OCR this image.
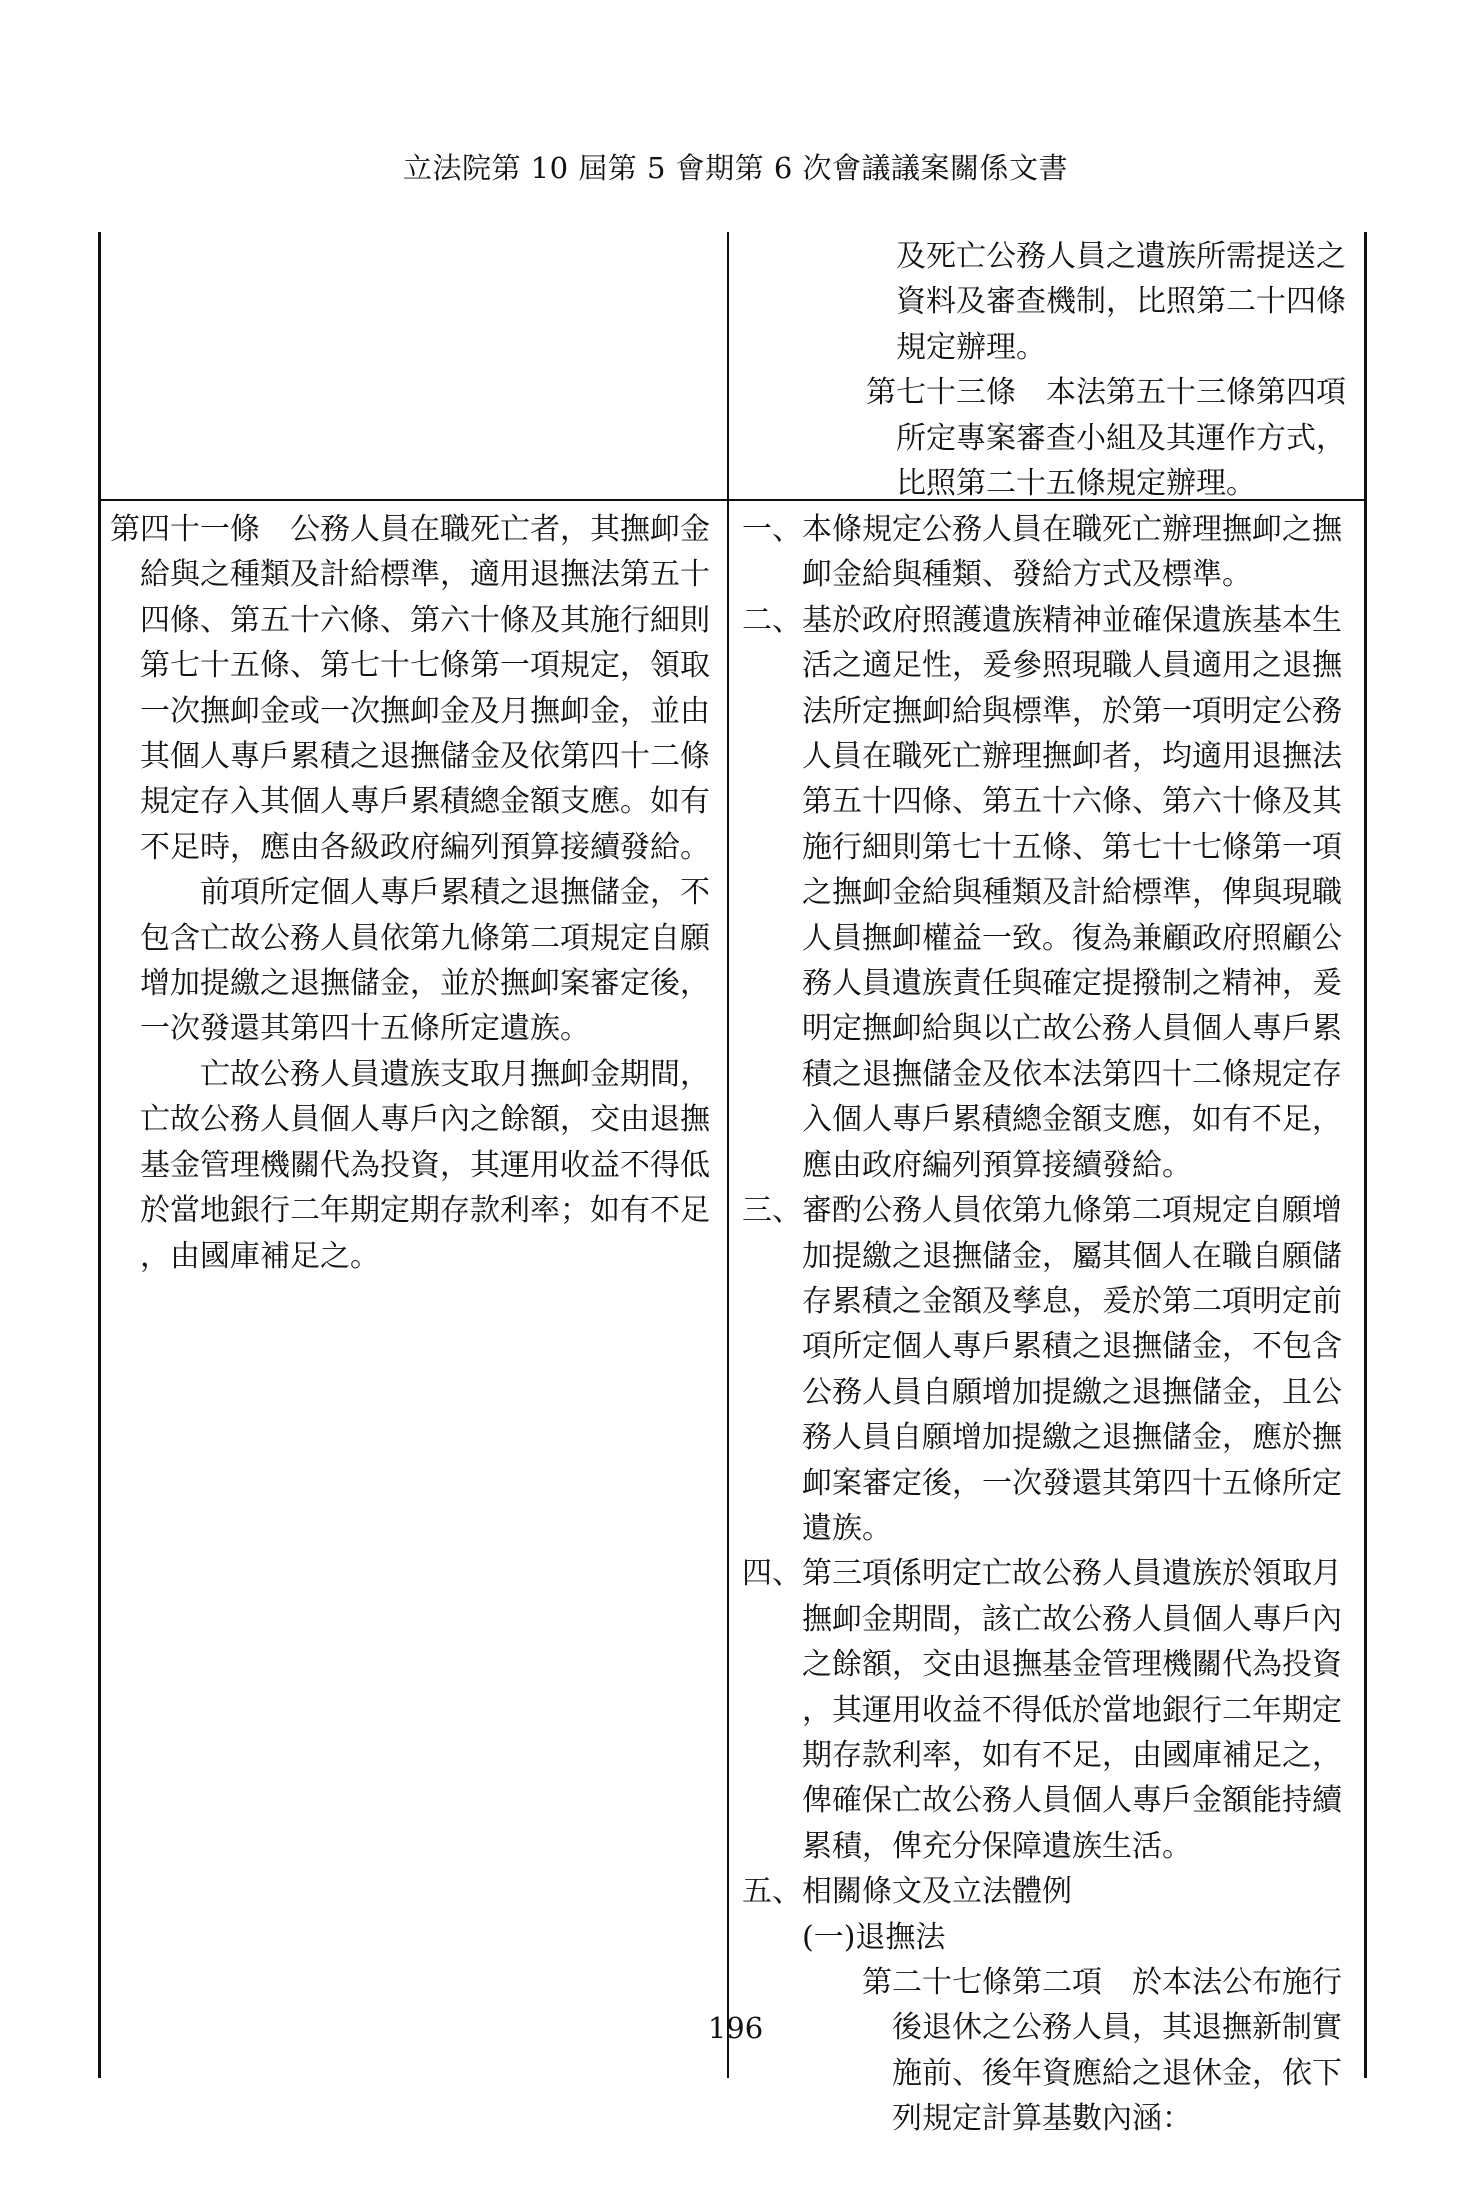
立法院第 10 屆第 5 會期第 6 次會議議案關係文書

及死亡公務人員之遺族所需提送之

資料及審查機制，比照第二十四條

規定辦理。

第七十三條　本法第五十三條第四項

所定專案審查小組及其運作方式，

比照第二十五條規定辦理。

第四十一條　公務人員在職死亡者，其撫卹金

給與之種類及計給標準，適用退撫法第五十

四條、第五十六條、第六十條及其施行細則

第七十五條、第七十七條第一項規定，領取

一次撫卹金或一次撫卹金及月撫卹金，並由

其個人專戶累積之退撫儲金及依第四十二條

規定存入其個人專戶累積總金額支應。如有

不足時，應由各級政府編列預算接續發給。

前項所定個人專戶累積之退撫儲金，不

包含亡故公務人員依第九條第二項規定自願

增加提繳之退撫儲金，並於撫卹案審定後，

一次發還其第四十五條所定遺族。

亡故公務人員遺族支取月撫卹金期間，

亡故公務人員個人專戶內之餘額，交由退撫

基金管理機關代為投資，其運用收益不得低

於當地銀行二年期定期存款利率；如有不足

，由國庫補足之。

一、本條規定公務人員在職死亡辦理撫卹之撫

卹金給與種類、發給方式及標準。

二、基於政府照護遺族精神並確保遺族基本生

活之適足性，爰參照現職人員適用之退撫

法所定撫卹給與標準，於第一項明定公務

人員在職死亡辦理撫卹者，均適用退撫法

第五十四條、第五十六條、第六十條及其

施行細則第七十五條、第七十七條第一項

之撫卹金給與種類及計給標準，俾與現職

人員撫卹權益一致。復為兼顧政府照顧公

務人員遺族責任與確定提撥制之精神，爰

明定撫卹給與以亡故公務人員個人專戶累

積之退撫儲金及依本法第四十二條規定存

入個人專戶累積總金額支應，如有不足，

應由政府編列預算接續發給。

三、審酌公務人員依第九條第二項規定自願增

加提繳之退撫儲金，屬其個人在職自願儲

存累積之金額及孳息，爰於第二項明定前

項所定個人專戶累積之退撫儲金，不包含

公務人員自願增加提繳之退撫儲金，且公

務人員自願增加提繳之退撫儲金，應於撫

卹案審定後，一次發還其第四十五條所定

遺族。

四、第三項係明定亡故公務人員遺族於領取月

撫卹金期間，該亡故公務人員個人專戶內

之餘額，交由退撫基金管理機關代為投資

，其運用收益不得低於當地銀行二年期定

期存款利率，如有不足，由國庫補足之，

俾確保亡故公務人員個人專戶金額能持續

累積，俾充分保障遺族生活。

五、相關條文及立法體例

(一)退撫法

第二十七條第二項　於本法公布施行

後退休之公務人員，其退撫新制實

施前、後年資應給之退休金，依下

列規定計算基數內涵：

196
